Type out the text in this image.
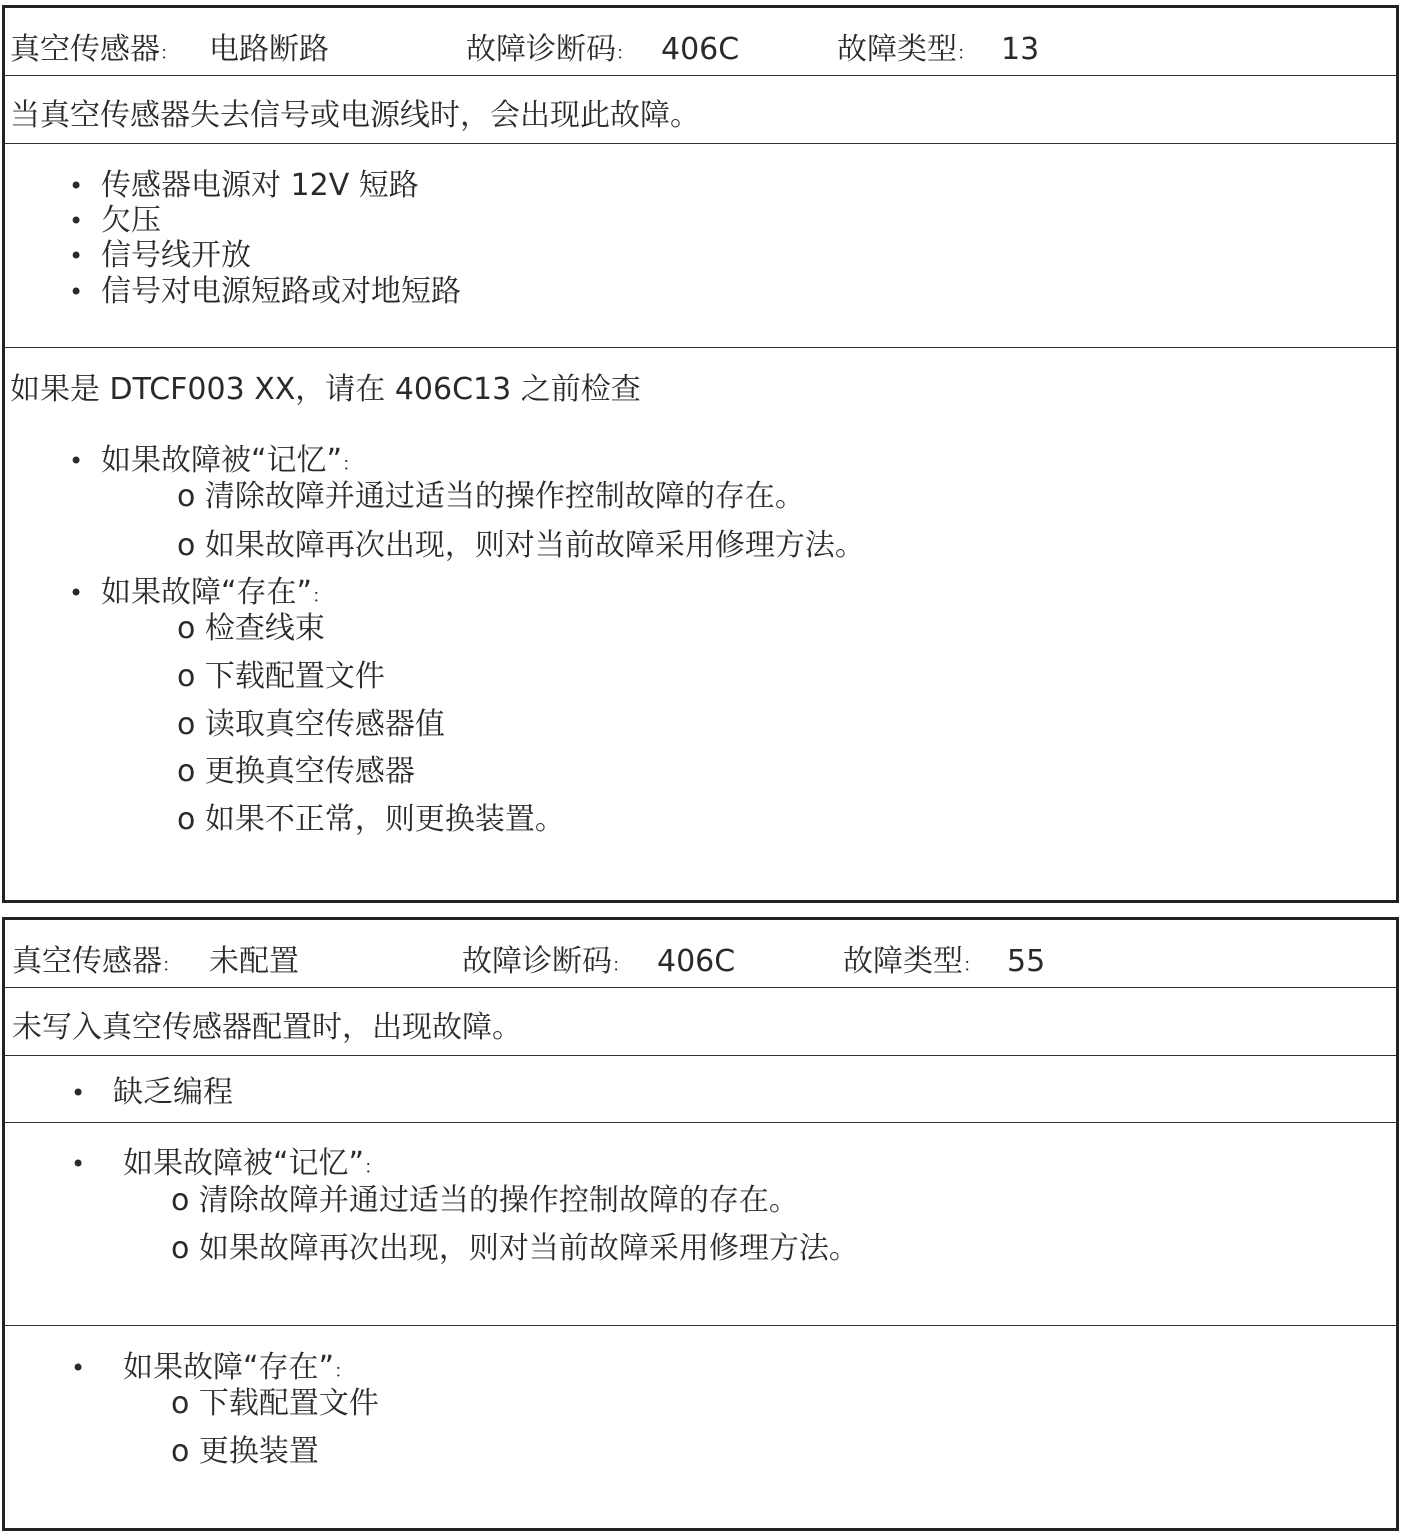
真空传感器： 电路断路	故障诊断码： 406C	故障类型： 13
当真空传感器失去信号或电源线时，会出现此故障。
• 传感器电源对 12V 短路
• 欠压
• 信号线开放
• 信号对电源短路或对地短路
如果是 DTCF003 XX，请在 406C13 之前检查
• 如果故障被“记忆”：
o 清除故障并通过适当的操作控制故障的存在。
o 如果故障再次出现，则对当前故障采用修理方法。
• 如果故障“存在”：
o 检查线束
o 下载配置文件
o 读取真空传感器值
o 更换真空传感器
o 如果不正常，则更换装置。
真空传感器： 未配置	故障诊断码： 406C	故障类型： 55
未写入真空传感器配置时，出现故障。
• 缺乏编程
• 如果故障被“记忆”：
o 清除故障并通过适当的操作控制故障的存在。
o 如果故障再次出现，则对当前故障采用修理方法。
• 如果故障“存在”：
o 下载配置文件
o 更换装置
